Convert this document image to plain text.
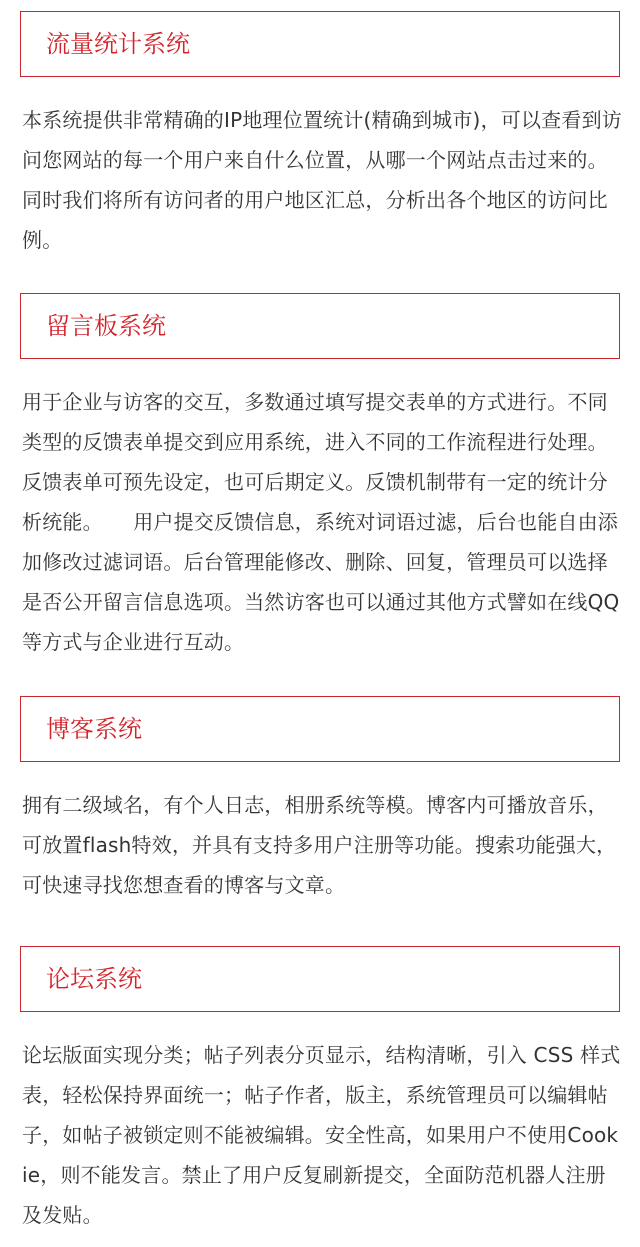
流量统计系统
本系统提供非常精确的IP地理位置统计(精确到城市)，可以查看到访问您网站的每一个用户来自什么位置，从哪一个网站点击过来的。同时我们将所有访问者的用户地区汇总，分析出各个地区的访问比例。
留言板系统
用于企业与访客的交互，多数通过填写提交表单的方式进行。不同类型的反馈表单提交到应用系统，进入不同的工作流程进行处理。反馈表单可预先设定，也可后期定义。反馈机制带有一定的统计分析统能。　　用户提交反馈信息，系统对词语过滤，后台也能自由添加修改过滤词语。后台管理能修改、删除、回复，管理员可以选择是否公开留言信息选项。当然访客也可以通过其他方式譬如在线QQ等方式与企业进行互动。
博客系统
拥有二级域名，有个人日志，相册系统等模。博客内可播放音乐，可放置flash特效，并具有支持多用户注册等功能。搜索功能强大，可快速寻找您想查看的博客与文章。
论坛系统
论坛版面实现分类；帖子列表分页显示，结构清晰，引入 CSS 样式表，轻松保持界面统一；帖子作者，版主，系统管理员可以编辑帖子，如帖子被锁定则不能被编辑。安全性高，如果用户不使用Cookie，则不能发言。禁止了用户反复刷新提交，全面防范机器人注册及发贴。
